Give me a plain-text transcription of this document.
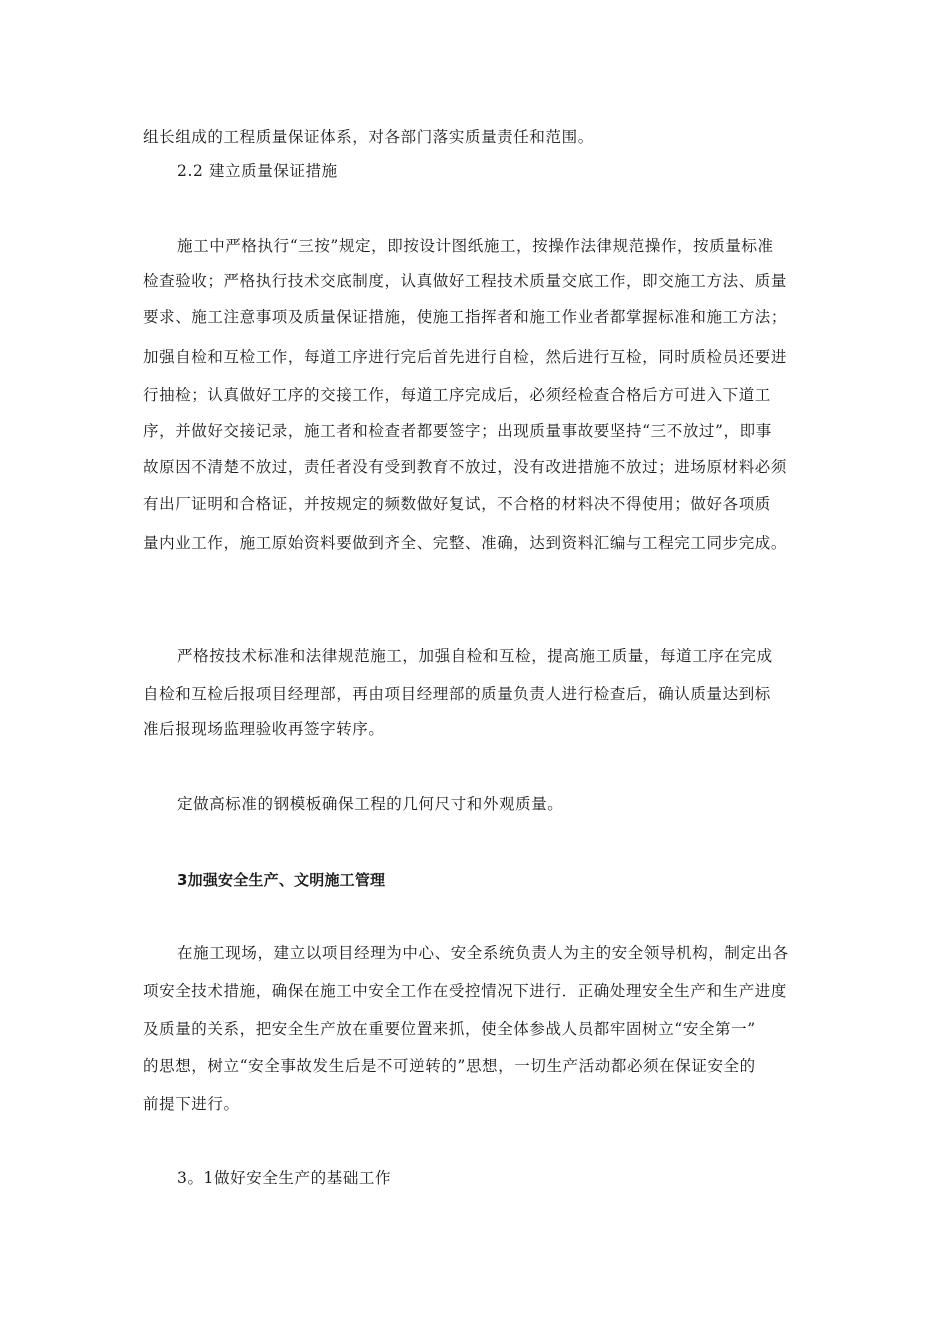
组长组成的工程质量保证体系，对各部门落实质量责任和范围。
2.2 建立质量保证措施
施工中严格执行“三按”规定，即按设计图纸施工，按操作法律规范操作，按质量标准
检查验收；严格执行技术交底制度，认真做好工程技术质量交底工作，即交施工方法、质量
要求、施工注意事项及质量保证措施，使施工指挥者和施工作业者都掌握标准和施工方法；
加强自检和互检工作，每道工序进行完后首先进行自检，然后进行互检，同时质检员还要进
行抽检；认真做好工序的交接工作，每道工序完成后，必须经检查合格后方可进入下道工
序，并做好交接记录，施工者和检查者都要签字；出现质量事故要坚持“三不放过”，即事
故原因不清楚不放过，责任者没有受到教育不放过，没有改进措施不放过；进场原材料必须
有出厂证明和合格证，并按规定的频数做好复试，不合格的材料决不得使用；做好各项质
量内业工作，施工原始资料要做到齐全、完整、准确，达到资料汇编与工程完工同步完成。
严格按技术标准和法律规范施工，加强自检和互检，提高施工质量，每道工序在完成
自检和互检后报项目经理部，再由项目经理部的质量负责人进行检查后，确认质量达到标
准后报现场监理验收再签字转序。
定做高标准的钢模板确保工程的几何尺寸和外观质量。
3加强安全生产、文明施工管理
在施工现场，建立以项目经理为中心、安全系统负责人为主的安全领导机构，制定出各
项安全技术措施，确保在施工中安全工作在受控情况下进行．正确处理安全生产和生产进度
及质量的关系，把安全生产放在重要位置来抓，使全体参战人员都牢固树立“安全第一”
的思想，树立“安全事故发生后是不可逆转的”思想，一切生产活动都必须在保证安全的
前提下进行。
3。1做好安全生产的基础工作
